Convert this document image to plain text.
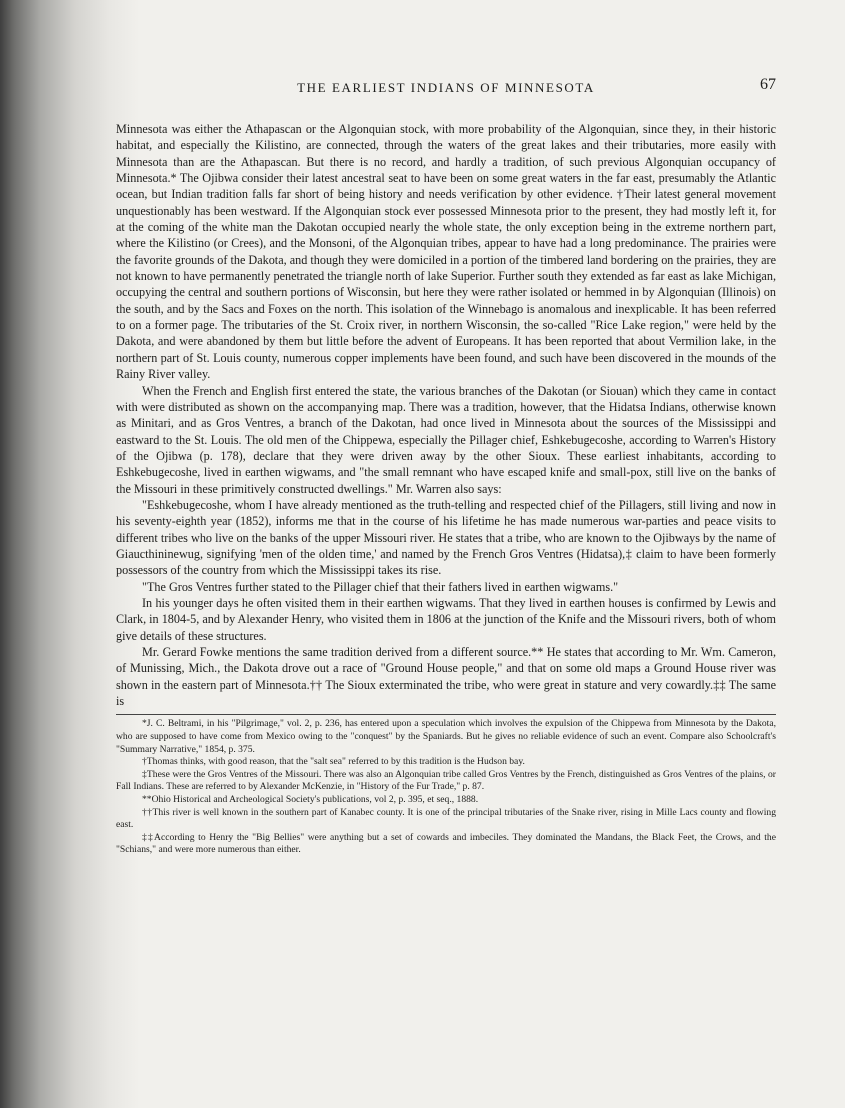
THE EARLIEST INDIANS OF MINNESOTA	67

Minnesota was either the Athapascan or the Algonquian stock, with more probability of the Algonquian, since they, in their historic habitat, and especially the Kilistino, are connected, through the waters of the great lakes and their tributaries, more easily with Minnesota than are the Athapascan. But there is no record, and hardly a tradition, of such previous Algonquian occupancy of Minnesota.* The Ojibwa consider their latest ancestral seat to have been on some great waters in the far east, presumably the Atlantic ocean, but Indian tradition falls far short of being history and needs verification by other evidence. †Their latest general movement unquestionably has been westward. If the Algonquian stock ever possessed Minnesota prior to the present, they had mostly left it, for at the coming of the white man the Dakotan occupied nearly the whole state, the only exception being in the extreme northern part, where the Kilistino (or Crees), and the Monsoni, of the Algonquian tribes, appear to have had a long predominance. The prairies were the favorite grounds of the Dakota, and though they were domiciled in a portion of the timbered land bordering on the prairies, they are not known to have permanently penetrated the triangle north of lake Superior. Further south they extended as far east as lake Michigan, occupying the central and southern portions of Wisconsin, but here they were rather isolated or hemmed in by Algonquian (Illinois) on the south, and by the Sacs and Foxes on the north. This isolation of the Winnebago is anomalous and inexplicable. It has been referred to on a former page. The tributaries of the St. Croix river, in northern Wisconsin, the so-called "Rice Lake region," were held by the Dakota, and were abandoned by them but little before the advent of Europeans. It has been reported that about Vermilion lake, in the northern part of St. Louis county, numerous copper implements have been found, and such have been discovered in the mounds of the Rainy River valley.

When the French and English first entered the state, the various branches of the Dakotan (or Siouan) which they came in contact with were distributed as shown on the accompanying map. There was a tradition, however, that the Hidatsa Indians, otherwise known as Minitari, and as Gros Ventres, a branch of the Dakotan, had once lived in Minnesota about the sources of the Mississippi and eastward to the St. Louis. The old men of the Chippewa, especially the Pillager chief, Eshkebugecoshe, according to Warren's History of the Ojibwa (p. 178), declare that they were driven away by the other Sioux. These earliest inhabitants, according to Eshkebugecoshe, lived in earthen wigwams, and "the small remnant who have escaped knife and small-pox, still live on the banks of the Missouri in these primitively constructed dwellings." Mr. Warren also says:

"Eshkebugecoshe, whom I have already mentioned as the truth-telling and respected chief of the Pillagers, still living and now in his seventy-eighth year (1852), informs me that in the course of his lifetime he has made numerous war-parties and peace visits to different tribes who live on the banks of the upper Missouri river. He states that a tribe, who are known to the Ojibways by the name of Giaucthininewug, signifying 'men of the olden time,' and named by the French Gros Ventres (Hidatsa),‡ claim to have been formerly possessors of the country from which the Mississippi takes its rise.

"The Gros Ventres further stated to the Pillager chief that their fathers lived in earthen wigwams."

In his younger days he often visited them in their earthen wigwams. That they lived in earthen houses is confirmed by Lewis and Clark, in 1804-5, and by Alexander Henry, who visited them in 1806 at the junction of the Knife and the Missouri rivers, both of whom give details of these structures.

Mr. Gerard Fowke mentions the same tradition derived from a different source.** He states that according to Mr. Wm. Cameron, of Munissing, Mich., the Dakota drove out a race of "Ground House people," and that on some old maps a Ground House river was shown in the eastern part of Minnesota.†† The Sioux exterminated the tribe, who were great in stature and very cowardly.‡‡ The same is

*J. C. Beltrami, in his "Pilgrimage," vol. 2, p. 236, has entered upon a speculation which involves the expulsion of the Chippewa from Minnesota by the Dakota, who are supposed to have come from Mexico owing to the "conquest" by the Spaniards. But he gives no reliable evidence of such an event. Compare also Schoolcraft's "Summary Narrative," 1854, p. 375.

†Thomas thinks, with good reason, that the "salt sea" referred to by this tradition is the Hudson bay.

‡These were the Gros Ventres of the Missouri. There was also an Algonquian tribe called Gros Ventres by the French, distinguished as Gros Ventres of the plains, or Fall Indians. These are referred to by Alexander McKenzie, in "History of the Fur Trade," p. 87.

**Ohio Historical and Archeological Society's publications, vol 2, p. 395, et seq., 1888.

††This river is well known in the southern part of Kanabec county. It is one of the principal tributaries of the Snake river, rising in Mille Lacs county and flowing east.

‡‡According to Henry the "Big Bellies" were anything but a set of cowards and imbeciles. They dominated the Mandans, the Black Feet, the Crows, and the "Schians," and were more numerous than either.
